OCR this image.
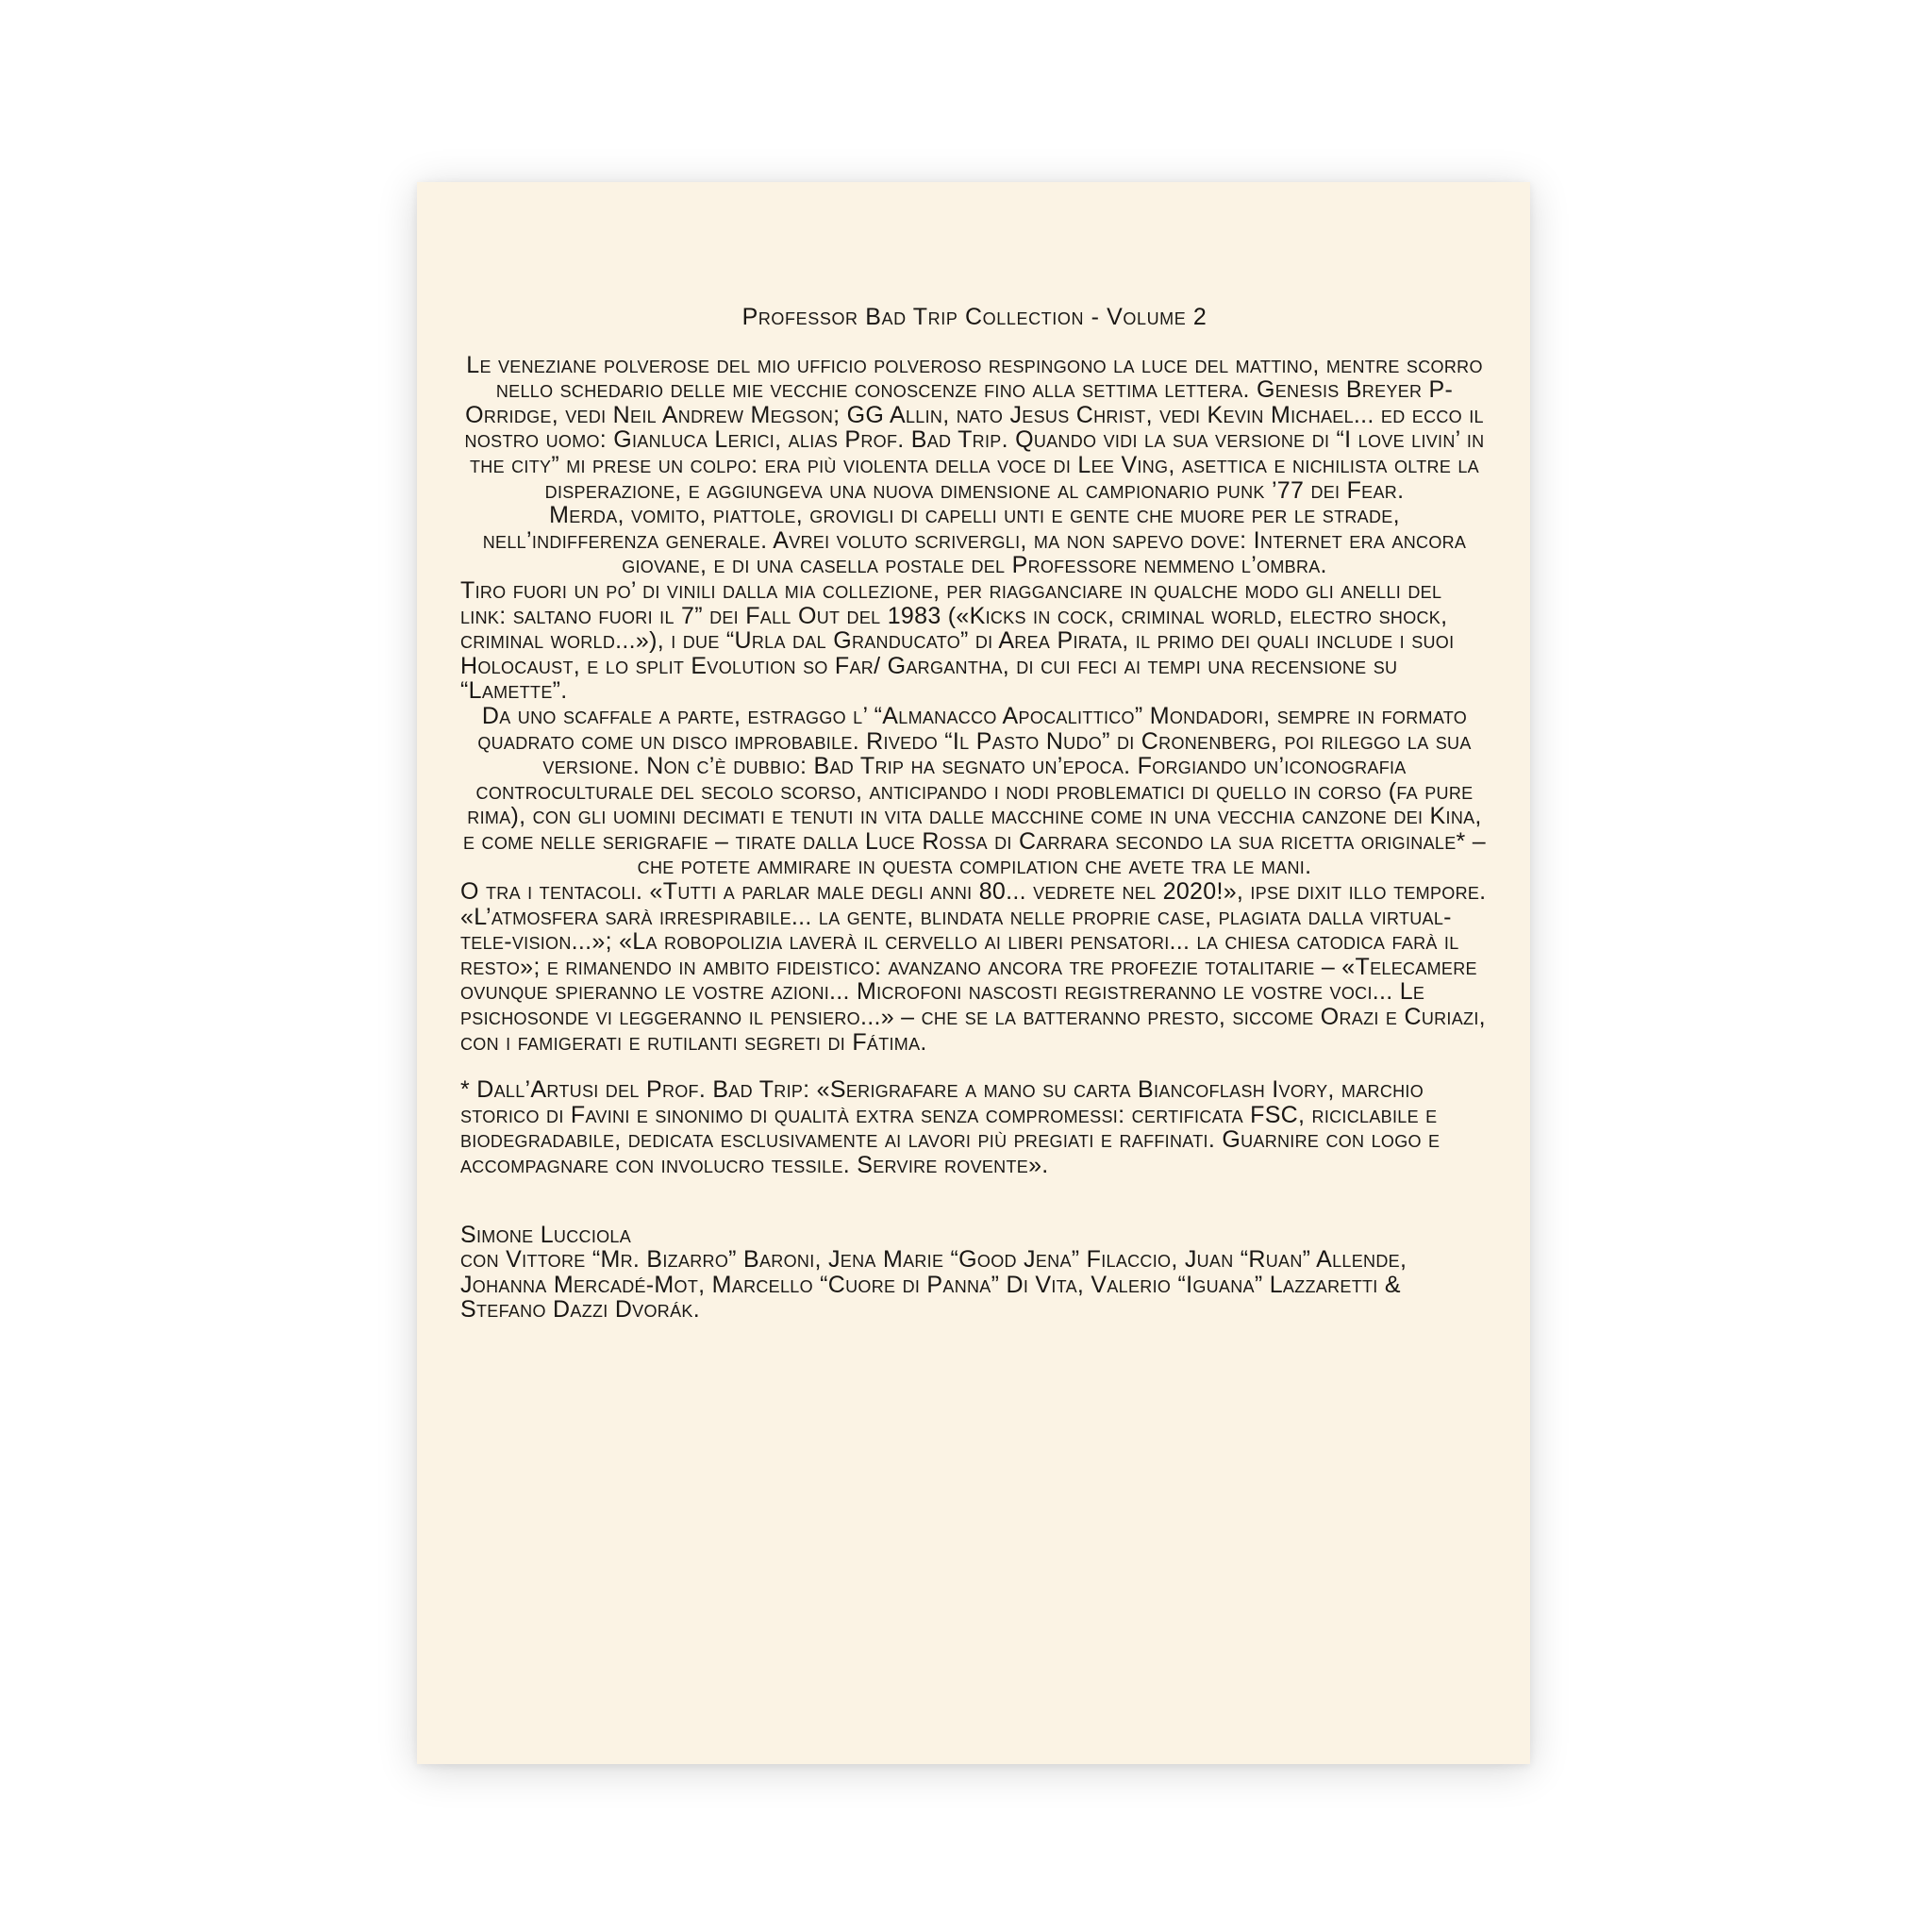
Professor Bad Trip Collection - Volume 2

Le veneziane polverose del mio ufficio polveroso respingono la luce del mattino, mentre scorro nello schedario delle mie vecchie conoscenze fino alla settima lettera. Genesis Breyer P-Orridge, vedi Neil Andrew Megson; GG Allin, nato Jesus Christ, vedi Kevin Michael... ed ecco il nostro uomo: Gianluca Lerici, alias Prof. Bad Trip. Quando vidi la sua versione di “I love livin’ in the city” mi prese un colpo: era più violenta della voce di Lee Ving, asettica e nichilista oltre la disperazione, e aggiungeva una nuova dimensione al campionario punk ’77 dei Fear.

Merda, vomito, piattole, grovigli di capelli unti e gente che muore per le strade, nell’indifferenza generale. Avrei voluto scrivergli, ma non sapevo dove: Internet era ancora giovane, e di una casella postale del Professore nemmeno l’ombra.

Tiro fuori un po’ di vinili dalla mia collezione, per riagganciare in qualche modo gli anelli del link: saltano fuori il 7” dei Fall Out del 1983 («Kicks in cock, criminal world, electro shock, criminal world...»), i due “Urla dal Granducato” di Area Pirata, il primo dei quali include i suoi Holocaust, e lo split Evolution so Far/ Gargantha, di cui feci ai tempi una recensione su “Lamette”.

Da uno scaffale a parte, estraggo l’ “Almanacco Apocalittico” Mondadori, sempre in formato quadrato come un disco improbabile. Rivedo “Il Pasto Nudo” di Cronenberg, poi rileggo la sua versione. Non c’è dubbio: Bad Trip ha segnato un’epoca. Forgiando un’iconografia controculturale del secolo scorso, anticipando i nodi problematici di quello in corso (fa pure rima), con gli uomini decimati e tenuti in vita dalle macchine come in una vecchia canzone dei Kina, e come nelle serigrafie – tirate dalla Luce Rossa di Carrara secondo la sua ricetta originale* – che potete ammirare in questa compilation che avete tra le mani.

O tra i tentacoli. «Tutti a parlar male degli anni 80... vedrete nel 2020!», ipse dixit illo tempore. «L’atmosfera sarà irrespirabile... la gente, blindata nelle proprie case, plagiata dalla virtual-tele-vision...»; «La robopolizia laverà il cervello ai liberi pensatori... la chiesa catodica farà il resto»; e rimanendo in ambito fideistico: avanzano ancora tre profezie totalitarie – «Telecamere ovunque spieranno le vostre azioni... Microfoni nascosti registreranno le vostre voci... Le psichosonde vi leggeranno il pensiero...» – che se la batteranno presto, siccome Orazi e Curiazi, con i famigerati e rutilanti segreti di Fátima.

* Dall’Artusi del Prof. Bad Trip: «Serigrafare a mano su carta Biancoflash Ivory, marchio storico di Favini e sinonimo di qualità extra senza compromessi: certificata FSC, riciclabile e biodegradabile, dedicata esclusivamente ai lavori più pregiati e raffinati. Guarnire con logo e accompagnare con involucro tessile. Servire rovente».

Simone Lucciola
con Vittore “Mr. Bizarro” Baroni, Jena Marie “Good Jena” Filaccio, Juan “Ruan” Allende, Johanna Mercadé-Mot, Marcello “Cuore di Panna” Di Vita, Valerio “Iguana” Lazzaretti & Stefano Dazzi Dvorák.
